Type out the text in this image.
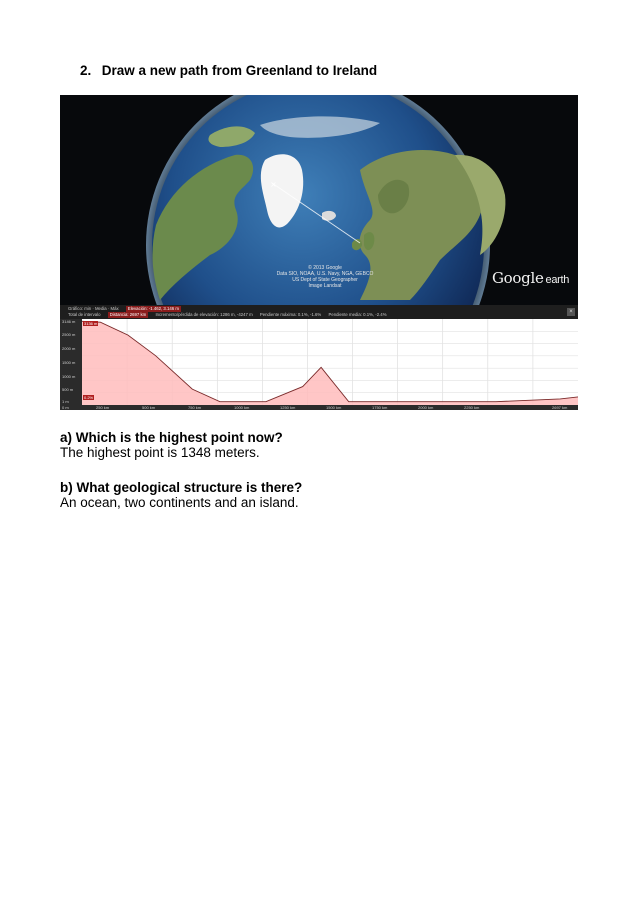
2. Draw a new path from Greenland to Ireland
×
© 2013 Google
Data SIO, NOAA, U.S. Navy, NGA, GEBCO
US Dept of State Geographer
Image Landsat	Google earth
Gráfico: min · Media · Máx Elevación: -1.462, 3.146 m
Total de intervalo Distancia: 2697 km Incremento/pérdida de elevación: 1286 m, -4247 m Pendiente máxima: 0.1%, -1.6% Pendiente media: 0.1%, -2.4%	×
3146 m
2500 m
2000 m
1500 m
1000 m
500 m
1 m
3136 m
0.2%
0 m	250 km	500 km	750 km	1000 km	1250 km	1500 km	1750 km	2000 km	2250 km	2697 km
a) Which is the highest point now?
The highest point is 1348 meters.
b) What geological structure is there?
An ocean, two continents and an island.
